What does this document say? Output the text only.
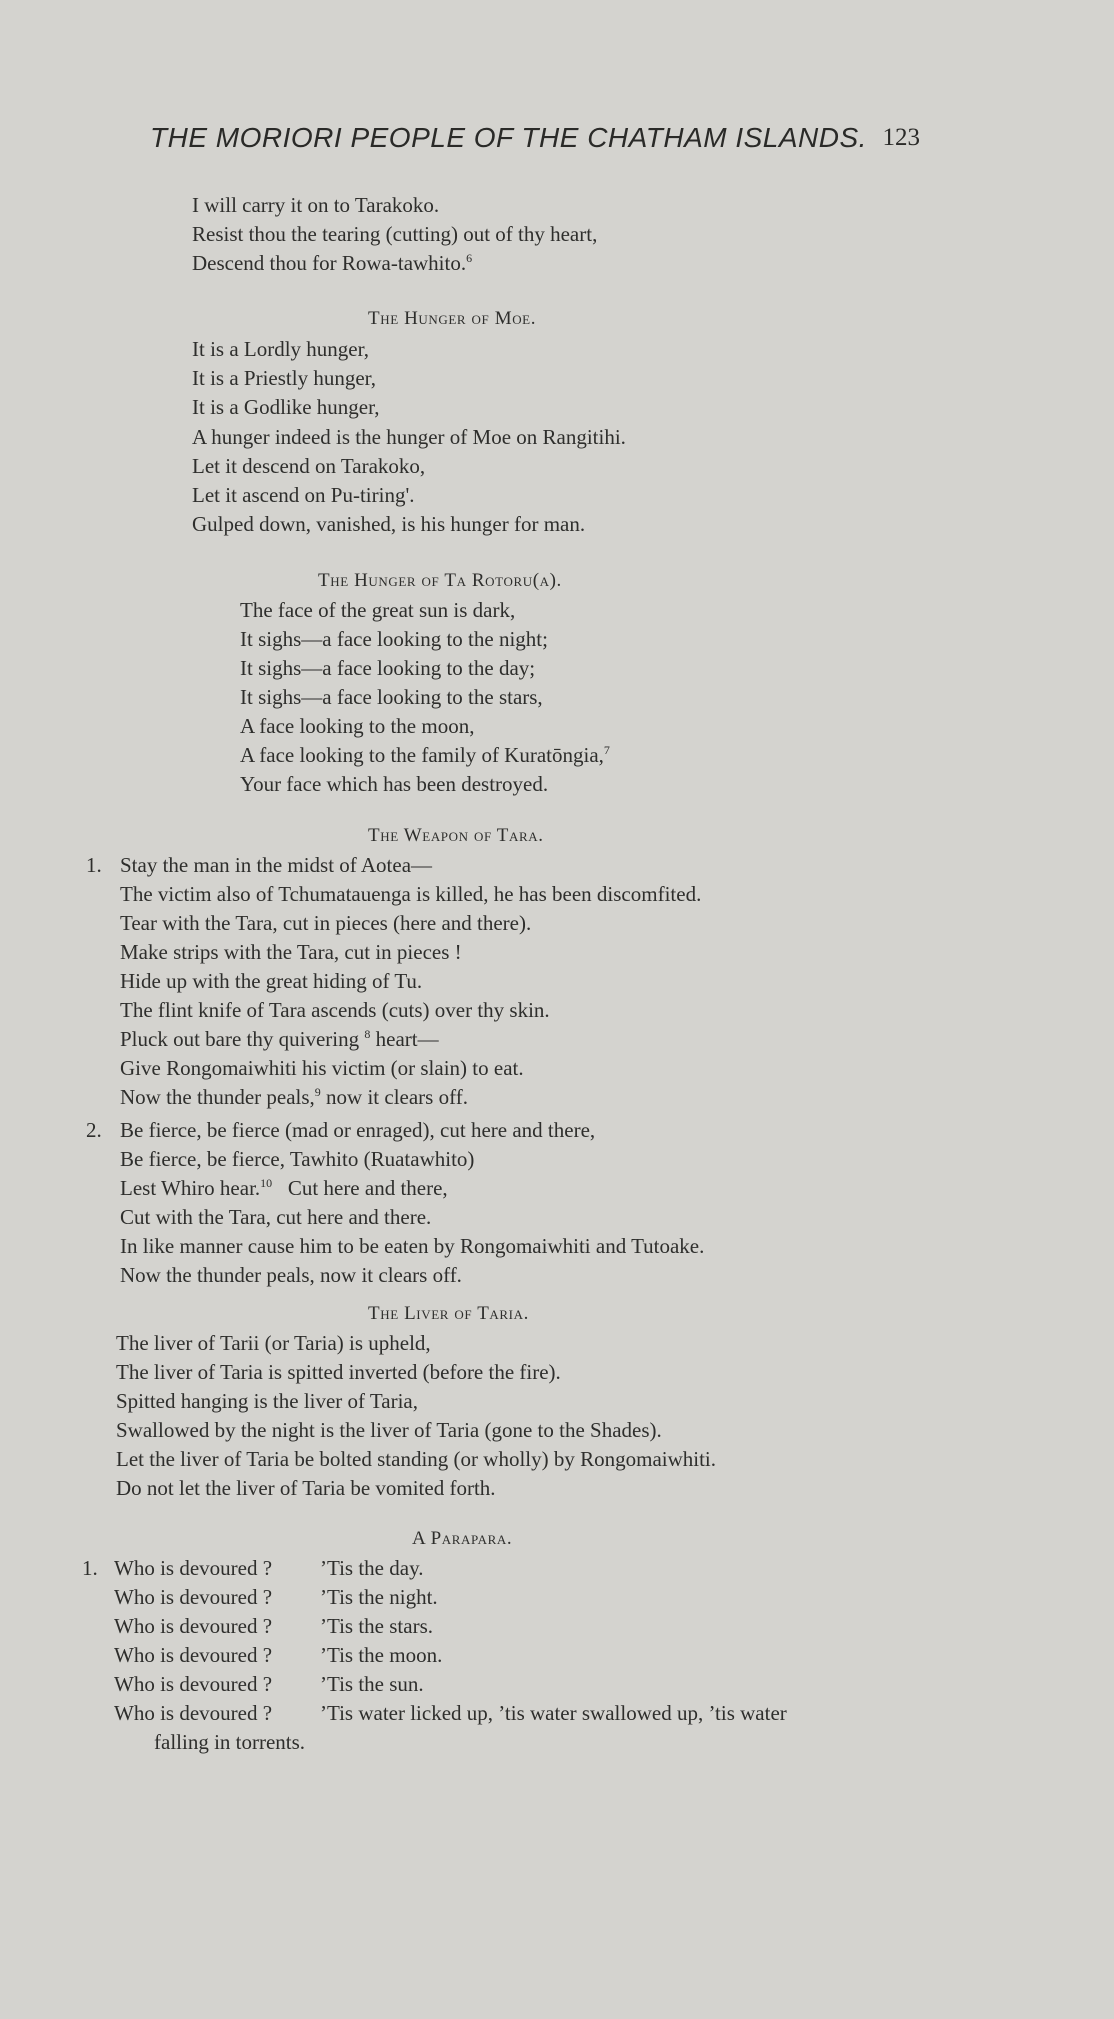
THE MORIORI PEOPLE OF THE CHATHAM ISLANDS. 123
I will carry it on to Tarakoko.
Resist thou the tearing (cutting) out of thy heart,
Descend thou for Rowa-tawhito.$^6$
The Hunger of Moe.
It is a Lordly hunger,
It is a Priestly hunger,
It is a Godlike hunger,
A hunger indeed is the hunger of Moe on Rangitihi.
Let it descend on Tarakoko,
Let it ascend on Pu-tiring'.
Gulped down, vanished, is his hunger for man.
The Hunger of Ta Rotoru(a).
The face of the great sun is dark,
It sighs—a face looking to the night;
It sighs—a face looking to the day;
It sighs—a face looking to the stars,
A face looking to the moon,
A face looking to the family of Kuratōngia,$^7$
Your face which has been destroyed.
The Weapon of Tara.
1. Stay the man in the midst of Aotea—
The victim also of Tchumatauenga is killed, he has been discomfited.
Tear with the Tara, cut in pieces (here and there).
Make strips with the Tara, cut in pieces !
Hide up with the great hiding of Tu.
The flint knife of Tara ascends (cuts) over thy skin.
Pluck out bare thy quivering $^8$ heart—
Give Rongomaiwhiti his victim (or slain) to eat.
Now the thunder peals,$^9$ now it clears off.
2. Be fierce, be fierce (mad or enraged), cut here and there,
Be fierce, be fierce, Tawhito (Ruatawhito)
Lest Whiro hear.$^{10}$   Cut here and there,
Cut with the Tara, cut here and there.
In like manner cause him to be eaten by Rongomaiwhiti and Tutoake.
Now the thunder peals, now it clears off.
The Liver of Taria.
The liver of Tarii (or Taria) is upheld,
The liver of Taria is spitted inverted (before the fire).
Spitted hanging is the liver of Taria,
Swallowed by the night is the liver of Taria (gone to the Shades).
Let the liver of Taria be bolted standing (or wholly) by Rongomaiwhiti.
Do not let the liver of Taria be vomited forth.
A Parapara.
1. Who is devoured ? ’Tis the day.
Who is devoured ? ’Tis the night.
Who is devoured ? ’Tis the stars.
Who is devoured ? ’Tis the moon.
Who is devoured ? ’Tis the sun.
Who is devoured ? ’Tis water licked up, ’tis water swallowed up, ’tis water
falling in torrents.
